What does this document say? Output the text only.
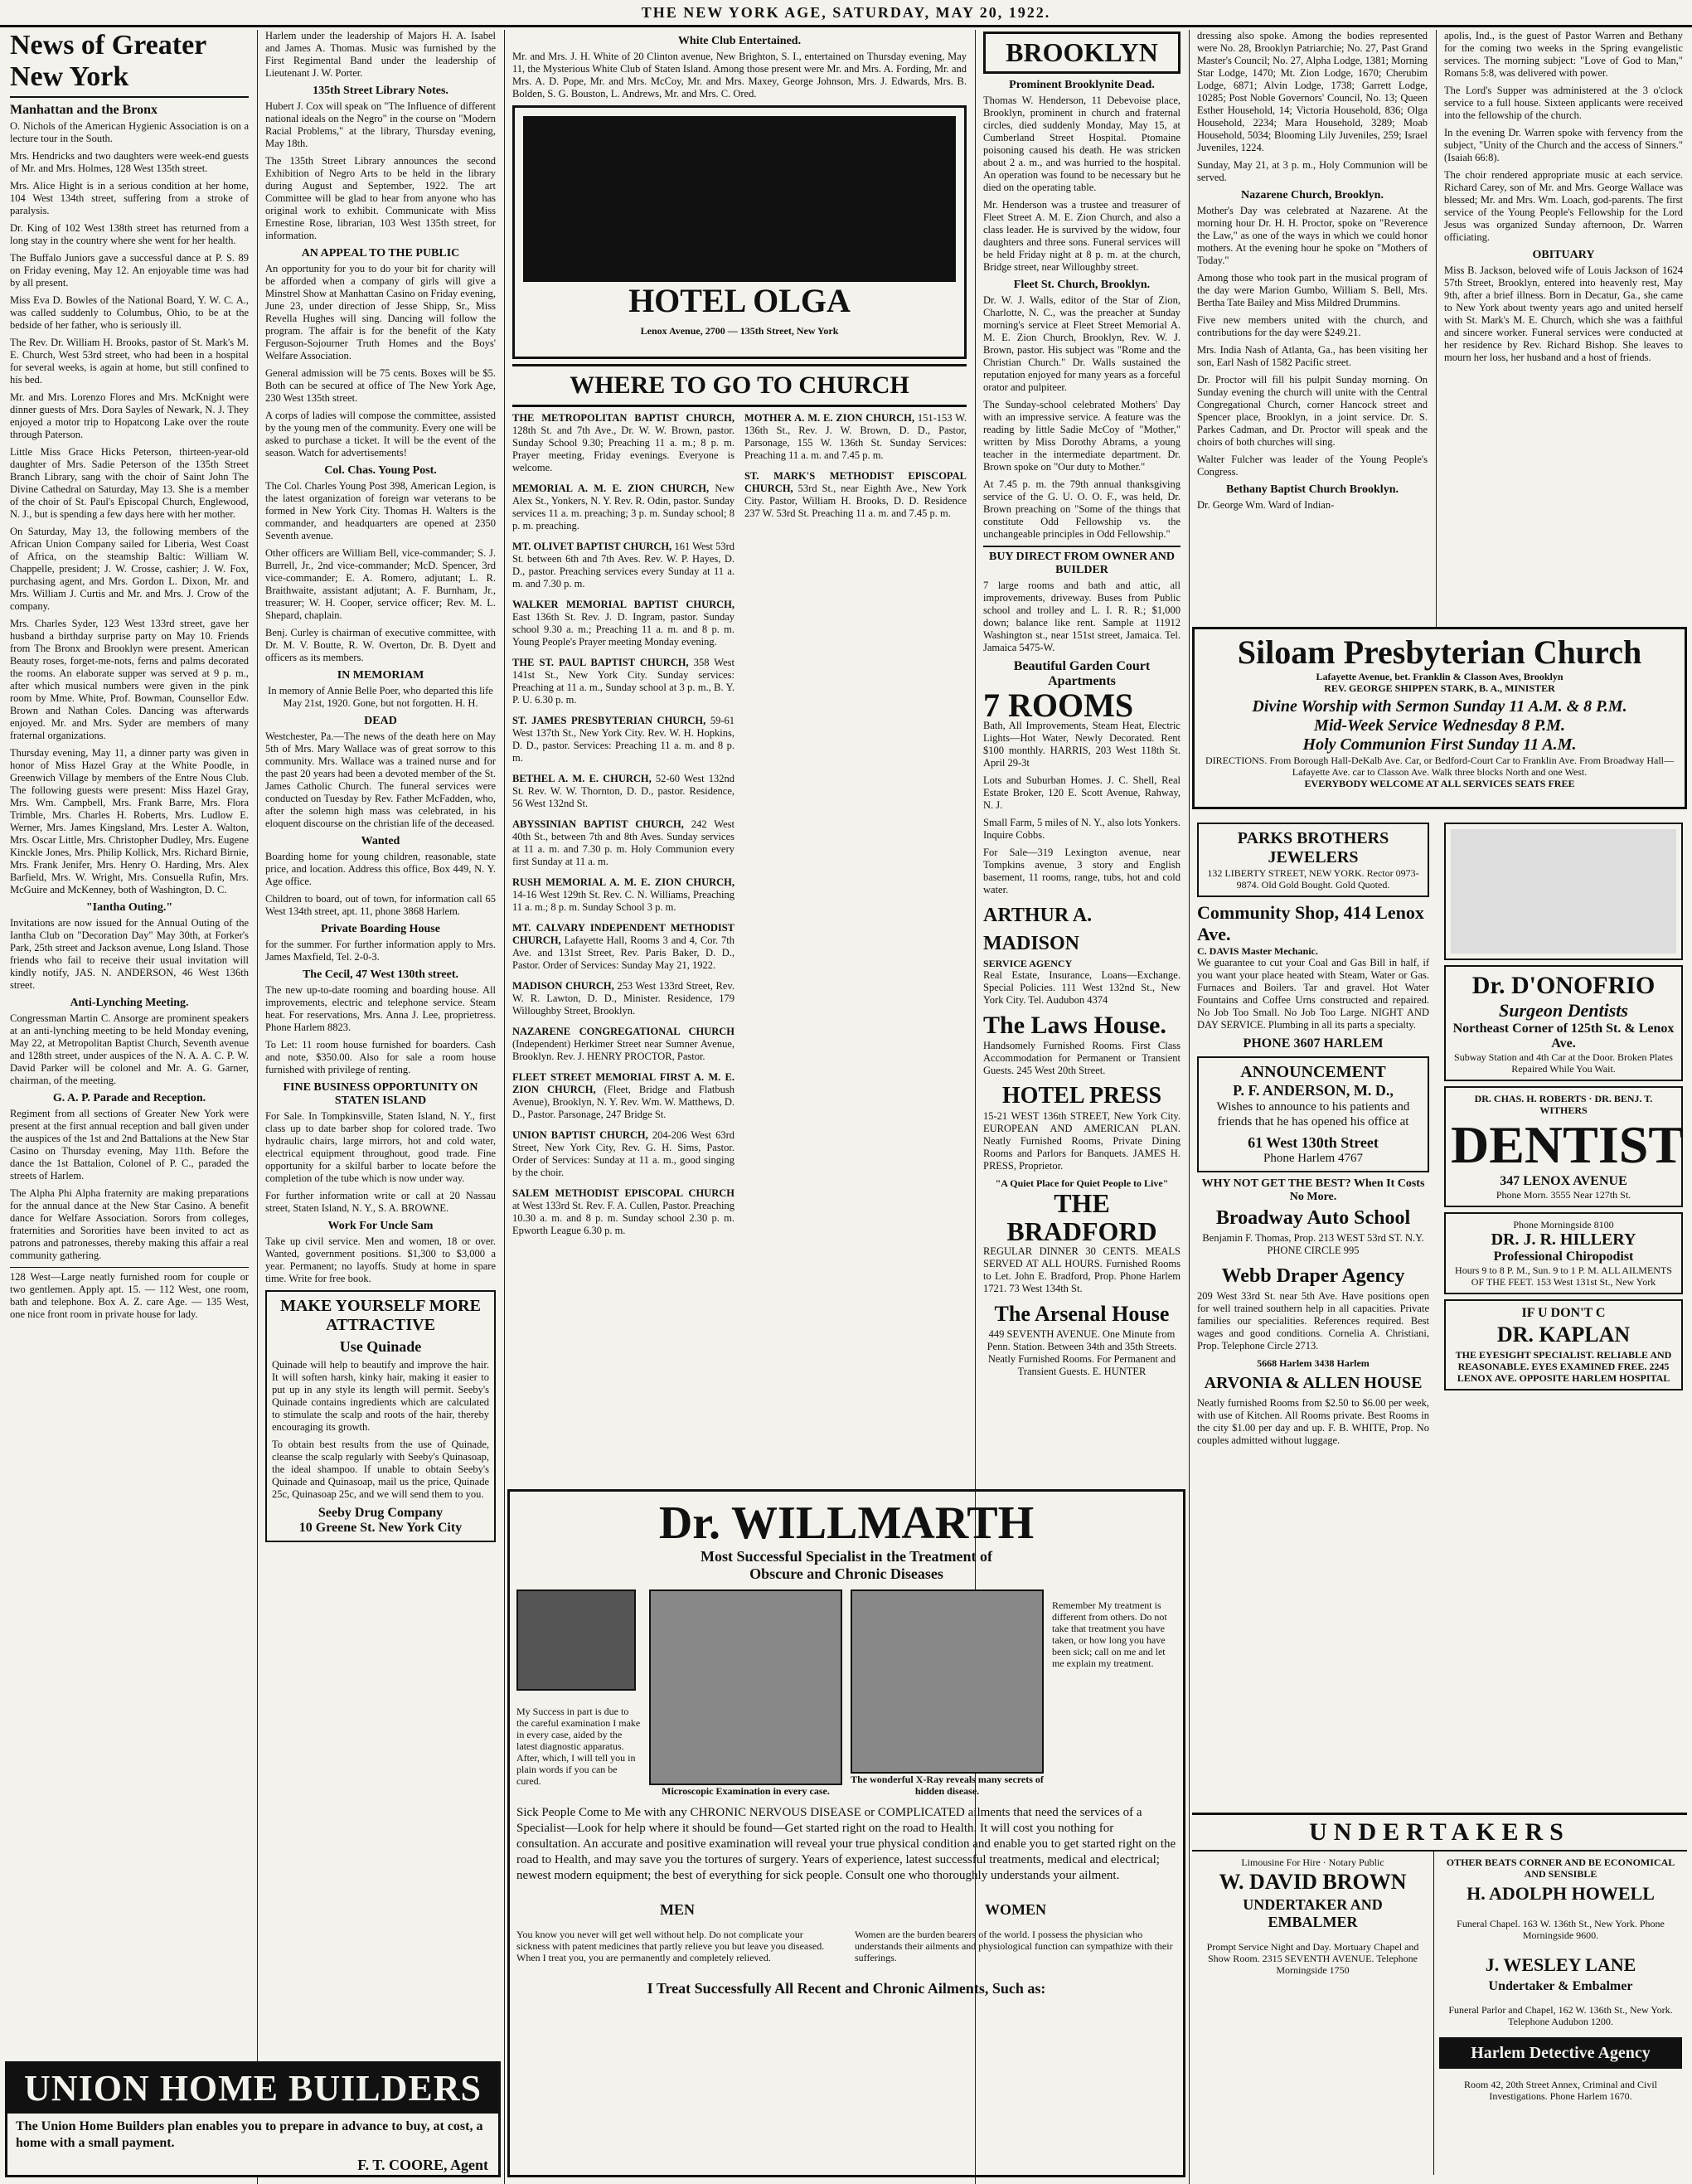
THE NEW YORK AGE, SATURDAY, MAY 20, 1922.
News of Greater New York
Manhattan and the Bronx

O. Nichols of the American Hygienic Association is on a lecture tour in the South.

Mrs. Hendricks and two daughters were week-end guests of Mr. and Mrs. Holmes, 128 West 135th street.

Mrs. Alice Hight is in a serious condition at her home, 104 West 134th street, suffering from a stroke of paralysis.

Dr. King of 102 West 138th street has returned from a long stay in the country where she went for her health.

The Buffalo Juniors gave a successful dance at P. S. 89 on Friday evening, May 12. An enjoyable time was had by all present.

Miss Eva D. Bowles of the National Board, Y. W. C. A., was called suddenly to Columbus, Ohio, to be at the bedside of her father, who is seriously ill.

The Rev. Dr. William H. Brooks, pastor of St. Mark's M. E. Church, West 53rd street, who had been in a hospital for several weeks, is again at home, but still confined to his bed.

Mr. and Mrs. Lorenzo Flores and Mrs. McKnight were dinner guests of Mrs. Dora Sayles of Newark, N. J. They enjoyed a motor trip to Hopatcong Lake over the route through Paterson.

Little Miss Grace Hicks Peterson, thirteen-year-old daughter of Mrs. Sadie Peterson of the 135th Street Branch Library, sang with the choir of Saint John The Divine Cathedral on Saturday, May 13. She is a member of the choir of St. Paul's Episcopal Church, Englewood, N. J., but is spending a few days here with her mother.

On Saturday, May 13, the following members of the African Union Company sailed for Liberia, West Coast of Africa, on the steamship Baltic: William W. Chappelle, president; J. W. Crosse, cashier; J. W. Fox, purchasing agent, and Mrs. Gordon L. Dixon, Mr. and Mrs. William J. Curtis and Mr. and Mrs. J. Crow of the company.

Mrs. Charles Syder, 123 West 133rd street, gave her husband a birthday surprise party on May 10. Friends from The Bronx and Brooklyn were present. American Beauty roses, forget-me-nots, ferns and palms decorated the rooms. An elaborate supper was served at 9 p. m., after which musical numbers were given in the pink room by Mme. White, Prof. Bowman, Counsellor Edw. Brown and Nathan Coles. Dancing was afterwards enjoyed. Mr. and Mrs. Syder are members of many fraternal organizations.

Thursday evening, May 11, a dinner party was given in honor of Miss Hazel Gray at the White Poodle, in Greenwich Village by members of the Entre Nous Club. The following guests were present: Miss Hazel Gray, Mrs. Wm. Campbell, Mrs. Frank Barre, Mrs. Flora Trimble, Mrs. Charles H. Roberts, Mrs. Ludlow E. Werner, Mrs. James Kingsland, Mrs. Lester A. Walton, Mrs. Oscar Little, Mrs. Christopher Dudley, Mrs. Eugene Kinckle Jones, Mrs. Philip Kollick, Mrs. Richard Birnie, Mrs. Frank Jenifer, Mrs. Henry O. Harding, Mrs. Alex Barfield, Mrs. W. Wright, Mrs. Consuella Rufin, Mrs. McGuire and McKenney, both of Washington, D. C.

"Iantha Outing."

Invitations are now issued for the Annual Outing of the Iantha Club on "Decoration Day" May 30th, at Forker's Park, 25th street and Jackson avenue, Long Island. Those friends who fail to receive their usual invitation will kindly notify, JAS. N. ANDERSON, 46 West 136th street.

Anti-Lynching Meeting.

Congressman Martin C. Ansorge are prominent speakers at an anti-lynching meeting to be held Monday evening, May 22, at Metropolitan Baptist Church, Seventh avenue and 128th street, under auspices of the N. A. A. C. P. W. David Parker will be colonel and Mr. A. G. Garner, chairman, of the meeting.

G. A. P. Parade and Reception.

Regiment from all sections of Greater New York were present at the first annual reception and ball given under the auspices of the 1st and 2nd Battalions at the New Star Casino on Thursday evening, May 11th. Before the dance the 1st Battalion, Colonel of P. C., paraded the streets of Harlem.

The Alpha Phi Alpha fraternity are making preparations for the annual dance at the New Star Casino. A benefit dance for Welfare Association. Sorors from colleges, fraternities and Sororities have been invited to act as patrons and patronesses, thereby making this affair a real community gathering.

128 West—Large neatly furnished room for couple or two gentlemen. Apply apt. 15. — 112 West, one room, bath and telephone. Box A. Z. care Age. — 135 West, one nice front room in private house for lady.

Harlem under the leadership of Majors H. A. Isabel and James A. Thomas. Music was furnished by the First Regimental Band under the leadership of Lieutenant J. W. Porter.

135th Street Library Notes.

Hubert J. Cox will speak on "The Influence of different national ideals on the Negro" in the course on "Modern Racial Problems," at the library, Thursday evening, May 18th.

The 135th Street Library announces the second Exhibition of Negro Arts to be held in the library during August and September, 1922. The art Committee will be glad to hear from anyone who has original work to exhibit. Communicate with Miss Ernestine Rose, librarian, 103 West 135th street, for information.

AN APPEAL TO THE PUBLIC

An opportunity for you to do your bit for charity will be afforded when a company of girls will give a Minstrel Show at Manhattan Casino on Friday evening, June 23, under direction of Jesse Shipp, Sr., Miss Revella Hughes will sing. Dancing will follow the program. The affair is for the benefit of the Katy Ferguson-Sojourner Truth Homes and the Boys' Welfare Association.

General admission will be 75 cents. Boxes will be $5. Both can be secured at office of The New York Age, 230 West 135th street.

A corps of ladies will compose the committee, assisted by the young men of the community. Every one will be asked to purchase a ticket. It will be the event of the season. Watch for advertisements!

Col. Chas. Young Post.

The Col. Charles Young Post 398, American Legion, is the latest organization of foreign war veterans to be formed in New York City. Thomas H. Walters is the commander, and headquarters are opened at 2350 Seventh avenue.

Other officers are William Bell, vice-commander; S. J. Burrell, Jr., 2nd vice-commander; McD. Spencer, 3rd vice-commander; E. A. Romero, adjutant; L. R. Braithwaite, assistant adjutant; A. F. Burnham, Jr., treasurer; W. H. Cooper, service officer; Rev. M. L. Shepard, chaplain.

Benj. Curley is chairman of executive committee, with Dr. M. V. Boutte, R. W. Overton, Dr. B. Dyett and officers as its members.

IN MEMORIAM

In memory of Annie Belle Poer, who departed this life May 21st, 1920. Gone, but not forgotten. H. H.

DEAD

Westchester, Pa.—The news of the death here on May 5th of Mrs. Mary Wallace was of great sorrow to this community. Mrs. Wallace was a trained nurse and for the past 20 years had been a devoted member of the St. James Catholic Church. The funeral services were conducted on Tuesday by Rev. Father McFadden, who, after the solemn high mass was celebrated, in his eloquent discourse on the christian life of the deceased.

Wanted

Boarding home for young children, reasonable, state price, and location. Address this office, Box 449, N. Y. Age office.

Children to board, out of town, for information call 65 West 134th street, apt. 11, phone 3868 Harlem.

Private Boarding House

for the summer. For further information apply to Mrs. James Maxfield, Tel. 2-0-3.

The Cecil, 47 West 130th street.

The new up-to-date rooming and boarding house. All improvements, electric and telephone service. Steam heat. For reservations, Mrs. Anna J. Lee, proprietress. Phone Harlem 8823.

To Let: 11 room house furnished for boarders. Cash and note, $350.00. Also for sale a room house furnished with privilege of renting.

FINE BUSINESS OPPORTUNITY ON STATEN ISLAND

For Sale. In Tompkinsville, Staten Island, N. Y., first class up to date barber shop for colored trade. Two hydraulic chairs, large mirrors, hot and cold water, electrical equipment throughout, good trade. Fine opportunity for a skilful barber to locate before the completion of the tube which is now under way.

For further information write or call at 20 Nassau street, Staten Island, N. Y., S. A. BROWNE.

Work For Uncle Sam

Take up civil service. Men and women, 18 or over. Wanted, government positions. $1,300 to $3,000 a year. Permanent; no layoffs. Study at home in spare time. Write for free book.

MAKE YOURSELF MORE ATTRACTIVE
Use Quinade

Quinade will help to beautify and improve the hair. It will soften harsh, kinky hair, making it easier to put up in any style its length will permit. Seeby's Quinade contains ingredients which are calculated to stimulate the scalp and roots of the hair, thereby encouraging its growth.

To obtain best results from the use of Quinade, cleanse the scalp regularly with Seeby's Quinasoap, the ideal shampoo. If unable to obtain Seeby's Quinade and Quinasoap, mail us the price, Quinade 25c, Quinasoap 25c, and we will send them to you.

Seeby Drug Company
10 Greene St. New York City
UNION HOME BUILDERS
The Union Home Builders plan enables you to prepare in advance to buy, at cost, a home with a small payment.
F. T. COORE, Agent
White Club Entertained.

Mr. and Mrs. J. H. White of 20 Clinton avenue, New Brighton, S. I., entertained on Thursday evening, May 11, the Mysterious White Club of Staten Island. Among those present were Mr. and Mrs. A. Fording, Mr. and Mrs. A. D. Pope, Mr. and Mrs. McCoy, Mr. and Mrs. Maxey, George Johnson, Mrs. J. Edwards, Mrs. B. Bolden, S. G. Bouston, L. Andrews, Mr. and Mrs. C. Ored.

HOTEL OLGA
Lenox Avenue, 2700 — 135th Street, New York
WHERE TO GO TO CHURCH
THE METROPOLITAN BAPTIST CHURCH, 128th St. and 7th Ave., Dr. W. W. Brown, pastor. Sunday School 9.30; Preaching 11 a. m.; 8 p. m. Prayer meeting, Friday evenings. Everyone is welcome.
MEMORIAL A. M. E. ZION CHURCH, New Alex St., Yonkers, N. Y. Rev. R. Odin, pastor. Sunday services 11 a. m. preaching; 3 p. m. Sunday school; 8 p. m. preaching.
MT. OLIVET BAPTIST CHURCH, 161 West 53rd St. between 6th and 7th Aves. Rev. W. P. Hayes, D. D., pastor. Preaching services every Sunday at 11 a. m. and 7.30 p. m.
WALKER MEMORIAL BAPTIST CHURCH, East 136th St. Rev. J. D. Ingram, pastor. Sunday school 9.30 a. m.; Preaching 11 a. m. and 8 p. m. Young People's Prayer meeting Monday evening.
THE ST. PAUL BAPTIST CHURCH, 358 West 141st St., New York City. Sunday services: Preaching at 11 a. m., Sunday school at 3 p. m., B. Y. P. U. 6.30 p. m.
ST. JAMES PRESBYTERIAN CHURCH, 59-61 West 137th St., New York City. Rev. W. H. Hopkins, D. D., pastor. Services: Preaching 11 a. m. and 8 p. m.
BETHEL A. M. E. CHURCH, 52-60 West 132nd St. Rev. W. W. Thornton, D. D., pastor. Residence, 56 West 132nd St.
ABYSSINIAN BAPTIST CHURCH, 242 West 40th St., between 7th and 8th Aves. Sunday services at 11 a. m. and 7.30 p. m. Holy Communion every first Sunday at 11 a. m.
RUSH MEMORIAL A. M. E. ZION CHURCH, 14-16 West 129th St. Rev. C. N. Williams, Preaching 11 a. m.; 8 p. m. Sunday School 3 p. m.
MT. CALVARY INDEPENDENT METHODIST CHURCH, Lafayette Hall, Rooms 3 and 4, Cor. 7th Ave. and 131st Street, Rev. Paris Baker, D. D., Pastor. Order of Services: Sunday May 21, 1922.
MADISON CHURCH, 253 West 133rd Street, Rev. W. R. Lawton, D. D., Minister. Residence, 179 Willoughby Street, Brooklyn.
NAZARENE CONGREGATIONAL CHURCH (Independent) Herkimer Street near Sumner Avenue, Brooklyn. Rev. J. HENRY PROCTOR, Pastor.
FLEET STREET MEMORIAL FIRST A. M. E. ZION CHURCH, (Fleet, Bridge and Flatbush Avenue), Brooklyn, N. Y. Rev. Wm. W. Matthews, D. D., Pastor. Parsonage, 247 Bridge St.
UNION BAPTIST CHURCH, 204-206 West 63rd Street, New York City, Rev. G. H. Sims, Pastor. Order of Services: Sunday at 11 a. m., good singing by the choir.
SALEM METHODIST EPISCOPAL CHURCH at West 133rd St. Rev. F. A. Cullen, Pastor. Preaching 10.30 a. m. and 8 p. m. Sunday school 2.30 p. m. Epworth League 6.30 p. m.
MOTHER A. M. E. ZION CHURCH, 151-153 W. 136th St., Rev. J. W. Brown, D. D., Pastor, Parsonage, 155 W. 136th St. Sunday Services: Preaching 11 a. m. and 7.45 p. m.
ST. MARK'S METHODIST EPISCOPAL CHURCH, 53rd St., near Eighth Ave., New York City. Pastor, William H. Brooks, D. D. Residence 237 W. 53rd St. Preaching 11 a. m. and 7.45 p. m.
BROOKLYN
Prominent Brooklynite Dead.

Thomas W. Henderson, 11 Debevoise place, Brooklyn, prominent in church and fraternal circles, died suddenly Monday, May 15, at Cumberland Street Hospital. Ptomaine poisoning caused his death. He was stricken about 2 a. m., and was hurried to the hospital. An operation was found to be necessary but he died on the operating table.

Mr. Henderson was a trustee and treasurer of Fleet Street A. M. E. Zion Church, and also a class leader. He is survived by the widow, four daughters and three sons. Funeral services will be held Friday night at 8 p. m. at the church, Bridge street, near Willoughby street.

Fleet St. Church, Brooklyn.

Dr. W. J. Walls, editor of the Star of Zion, Charlotte, N. C., was the preacher at Sunday morning's service at Fleet Street Memorial A. M. E. Zion Church, Brooklyn, Rev. W. J. Brown, pastor. His subject was "Rome and the Christian Church." Dr. Walls sustained the reputation enjoyed for many years as a forceful orator and pulpiteer.

The Sunday-school celebrated Mothers' Day with an impressive service. A feature was the reading by little Sadie McCoy of "Mother," written by Miss Dorothy Abrams, a young teacher in the intermediate department. Dr. Brown spoke on "Our duty to Mother."

At 7.45 p. m. the 79th annual thanksgiving service of the G. U. O. O. F., was held, Dr. Brown preaching on "Some of the things that constitute Odd Fellowship vs. the unchangeable principles in Odd Fellowship."

BUY DIRECT FROM OWNER AND BUILDER

7 large rooms and bath and attic, all improvements, driveway. Buses from Public school and trolley and L. I. R. R.; $1,000 down; balance like rent. Sample at 11912 Washington st., near 151st street, Jamaica. Tel. Jamaica 5475-W.

Beautiful Garden Court Apartments
7 ROOMS

Bath, All Improvements, Steam Heat, Electric Lights—Hot Water, Newly Decorated. Rent $100 monthly. HARRIS, 203 West 118th St. April 29-3t

Lots and Suburban Homes. J. C. Shell, Real Estate Broker, 120 E. Scott Avenue, Rahway, N. J.

Small Farm, 5 miles of N. Y., also lots Yonkers. Inquire Cobbs.

For Sale—319 Lexington avenue, near Tompkins avenue, 3 story and English basement, 11 rooms, range, tubs, hot and cold water.

ARTHUR A. MADISON
SERVICE AGENCY

Real Estate, Insurance, Loans—Exchange. Special Policies. 111 West 132nd St., New York City. Tel. Audubon 4374

The Laws House.

Handsomely Furnished Rooms. First Class Accommodation for Permanent or Transient Guests. 245 West 20th Street.

HOTEL PRESS

15-21 WEST 136th STREET, New York City. EUROPEAN AND AMERICAN PLAN. Neatly Furnished Rooms, Private Dining Rooms and Parlors for Banquets. JAMES H. PRESS, Proprietor.

"A Quiet Place for Quiet People to Live"
THE BRADFORD

REGULAR DINNER 30 CENTS. MEALS SERVED AT ALL HOURS. Furnished Rooms to Let. John E. Bradford, Prop. Phone Harlem 1721. 73 West 134th St.

The Arsenal House

449 SEVENTH AVENUE. One Minute from Penn. Station. Between 34th and 35th Streets. Neatly Furnished Rooms. For Permanent and Transient Guests. E. HUNTER

Dr. WILLMARTH
Most Successful Specialist in the Treatment of
Obscure and Chronic Diseases

My Success in part is due to the careful examination I make in every case, aided by the latest diagnostic apparatus. After, which, I will tell you in plain words if you can be cured.

Microscopic Examination in every case.
The wonderful X-Ray reveals many secrets of hidden disease.

Remember My treatment is different from others. Do not take that treatment you have taken, or how long you have been sick; call on me and let me explain my treatment.

Sick People Come to Me with any CHRONIC NERVOUS DISEASE or COMPLICATED ailments that need the services of a Specialist—Look for help where it should be found—Get started right on the road to Health. It will cost you nothing for consultation. An accurate and positive examination will reveal your true physical condition and enable you to get started right on the road to Health, and may save you the tortures of surgery. Years of experience, latest successful treatments, medical and electrical; newest modern equipment; the best of everything for sick people. Consult one who thoroughly understands your ailment.

MEN

You know you never will get well without help. Do not complicate your sickness with patent medicines that partly relieve you but leave you diseased. When I treat you, you are permanently and completely relieved.

WOMEN

Women are the burden bearers of the world. I possess the physician who understands their ailments and physiological function can sympathize with their sufferings.

I Treat Successfully All Recent and Chronic Ailments, Such as:

dressing also spoke. Among the bodies represented were No. 28, Brooklyn Patriarchie; No. 27, Past Grand Master's Council; No. 27, Alpha Lodge, 1381; Morning Star Lodge, 1470; Mt. Zion Lodge, 1670; Cherubim Lodge, 6871; Alvin Lodge, 1738; Garrett Lodge, 10285; Post Noble Governors' Council, No. 13; Queen Esther Household, 14; Victoria Household, 836; Olga Household, 2234; Mara Household, 3289; Moab Household, 5034; Blooming Lily Juveniles, 259; Israel Juveniles, 1224.

Sunday, May 21, at 3 p. m., Holy Communion will be served.

Nazarene Church, Brooklyn.

Mother's Day was celebrated at Nazarene. At the morning hour Dr. H. H. Proctor, spoke on "Reverence the Law," as one of the ways in which we could honor mothers. At the evening hour he spoke on "Mothers of Today."

Among those who took part in the musical program of the day were Marion Gumbo, William S. Bell, Mrs. Bertha Tate Bailey and Miss Mildred Drummins.

Five new members united with the church, and contributions for the day were $249.21.

Mrs. India Nash of Atlanta, Ga., has been visiting her son, Earl Nash of 1582 Pacific street.

Dr. Proctor will fill his pulpit Sunday morning. On Sunday evening the church will unite with the Central Congregational Church, corner Hancock street and Spencer place, Brooklyn, in a joint service. Dr. S. Parkes Cadman, and Dr. Proctor will speak and the choirs of both churches will sing.

Walter Fulcher was leader of the Young People's Congress.

Bethany Baptist Church Brooklyn.

Dr. George Wm. Ward of Indian-

apolis, Ind., is the guest of Pastor Warren and Bethany for the coming two weeks in the Spring evangelistic services. The morning subject: "Love of God to Man," Romans 5:8, was delivered with power.

The Lord's Supper was administered at the 3 o'clock service to a full house. Sixteen applicants were received into the fellowship of the church.

In the evening Dr. Warren spoke with fervency from the subject, "Unity of the Church and the access of Sinners." (Isaiah 66:8).

The choir rendered appropriate music at each service. Richard Carey, son of Mr. and Mrs. George Wallace was blessed; Mr. and Mrs. Wm. Loach, god-parents. The first service of the Young People's Fellowship for the Lord Jesus was organized Sunday afternoon, Dr. Warren officiating.

OBITUARY

Miss B. Jackson, beloved wife of Louis Jackson of 1624 57th Street, Brooklyn, entered into heavenly rest, May 9th, after a brief illness. Born in Decatur, Ga., she came to New York about twenty years ago and united herself with St. Mark's M. E. Church, which she was a faithful and sincere worker. Funeral services were conducted at her residence by Rev. Richard Bishop. She leaves to mourn her loss, her husband and a host of friends.

Siloam Presbyterian Church
Lafayette Avenue, bet. Franklin & Classon Aves, Brooklyn
REV. GEORGE SHIPPEN STARK, B. A., MINISTER
Divine Worship with Sermon Sunday 11 A.M. & 8 P.M.
Mid-Week Service Wednesday 8 P.M.
Holy Communion First Sunday 11 A.M.
DIRECTIONS. From Borough Hall-DeKalb Ave. Car, or Bedford-Court Car to Franklin Ave. From Broadway Hall—Lafayette Ave. car to Classon Ave. Walk three blocks North and one West.
EVERYBODY WELCOME AT ALL SERVICES SEATS FREE
PARKS BROTHERS JEWELERS
132 LIBERTY STREET, NEW YORK. Rector 0973-9874. Old Gold Bought. Gold Quoted.
Community Shop, 414 Lenox Ave.
C. DAVIS Master Mechanic.

We guarantee to cut your Coal and Gas Bill in half, if you want your place heated with Steam, Water or Gas. Furnaces and Boilers. Tar and gravel. Hot Water Fountains and Coffee Urns constructed and repaired. No Job Too Small. No Job Too Large. NIGHT AND DAY SERVICE. Plumbing in all its parts a specialty.

PHONE 3607 HARLEM
ANNOUNCEMENT
P. F. ANDERSON, M. D.,

Wishes to announce to his patients and friends that he has opened his office at

61 West 130th Street
Phone Harlem 4767
WHY NOT GET THE BEST? When It Costs No More.
Broadway Auto School

Benjamin F. Thomas, Prop. 213 WEST 53rd ST. N.Y. PHONE CIRCLE 995

Webb Draper Agency

209 West 33rd St. near 5th Ave. Have positions open for well trained southern help in all capacities. Private families our specialities. References required. Best wages and good conditions. Cornelia A. Christiani, Prop. Telephone Circle 2713.

5668 Harlem 3438 Harlem
ARVONIA & ALLEN HOUSE

Neatly furnished Rooms from $2.50 to $6.00 per week, with use of Kitchen. All Rooms private. Best Rooms in the city $1.00 per day and up. F. B. WHITE, Prop. No couples admitted without luggage.

Dr. D'ONOFRIO
Surgeon Dentists
Northeast Corner of 125th St. & Lenox Ave.
Subway Station and 4th Car at the Door. Broken Plates Repaired While You Wait.
DR. CHAS. H. ROBERTS · DR. BENJ. T. WITHERS
DENTIST
347 LENOX AVENUE
Phone Morn. 3555 Near 127th St.
Phone Morningside 8100
DR. J. R. HILLERY
Professional Chiropodist
Hours 9 to 8 P. M., Sun. 9 to 1 P. M. ALL AILMENTS OF THE FEET. 153 West 131st St., New York
IF U DON'T C
DR. KAPLAN
THE EYESIGHT SPECIALIST. RELIABLE AND REASONABLE. EYES EXAMINED FREE. 2245 LENOX AVE. OPPOSITE HARLEM HOSPITAL
UNDERTAKERS
Limousine For Hire · Notary Public
W. DAVID BROWN
UNDERTAKER AND EMBALMER

Prompt Service Night and Day. Mortuary Chapel and Show Room. 2315 SEVENTH AVENUE. Telephone Morningside 1750

OTHER BEATS CORNER AND BE ECONOMICAL AND SENSIBLE
H. ADOLPH HOWELL

Funeral Chapel. 163 W. 136th St., New York. Phone Morningside 9600.

J. WESLEY LANE
Undertaker & Embalmer

Funeral Parlor and Chapel, 162 W. 136th St., New York. Telephone Audubon 1200.

Harlem Detective Agency

Room 42, 20th Street Annex, Criminal and Civil Investigations. Phone Harlem 1670.
